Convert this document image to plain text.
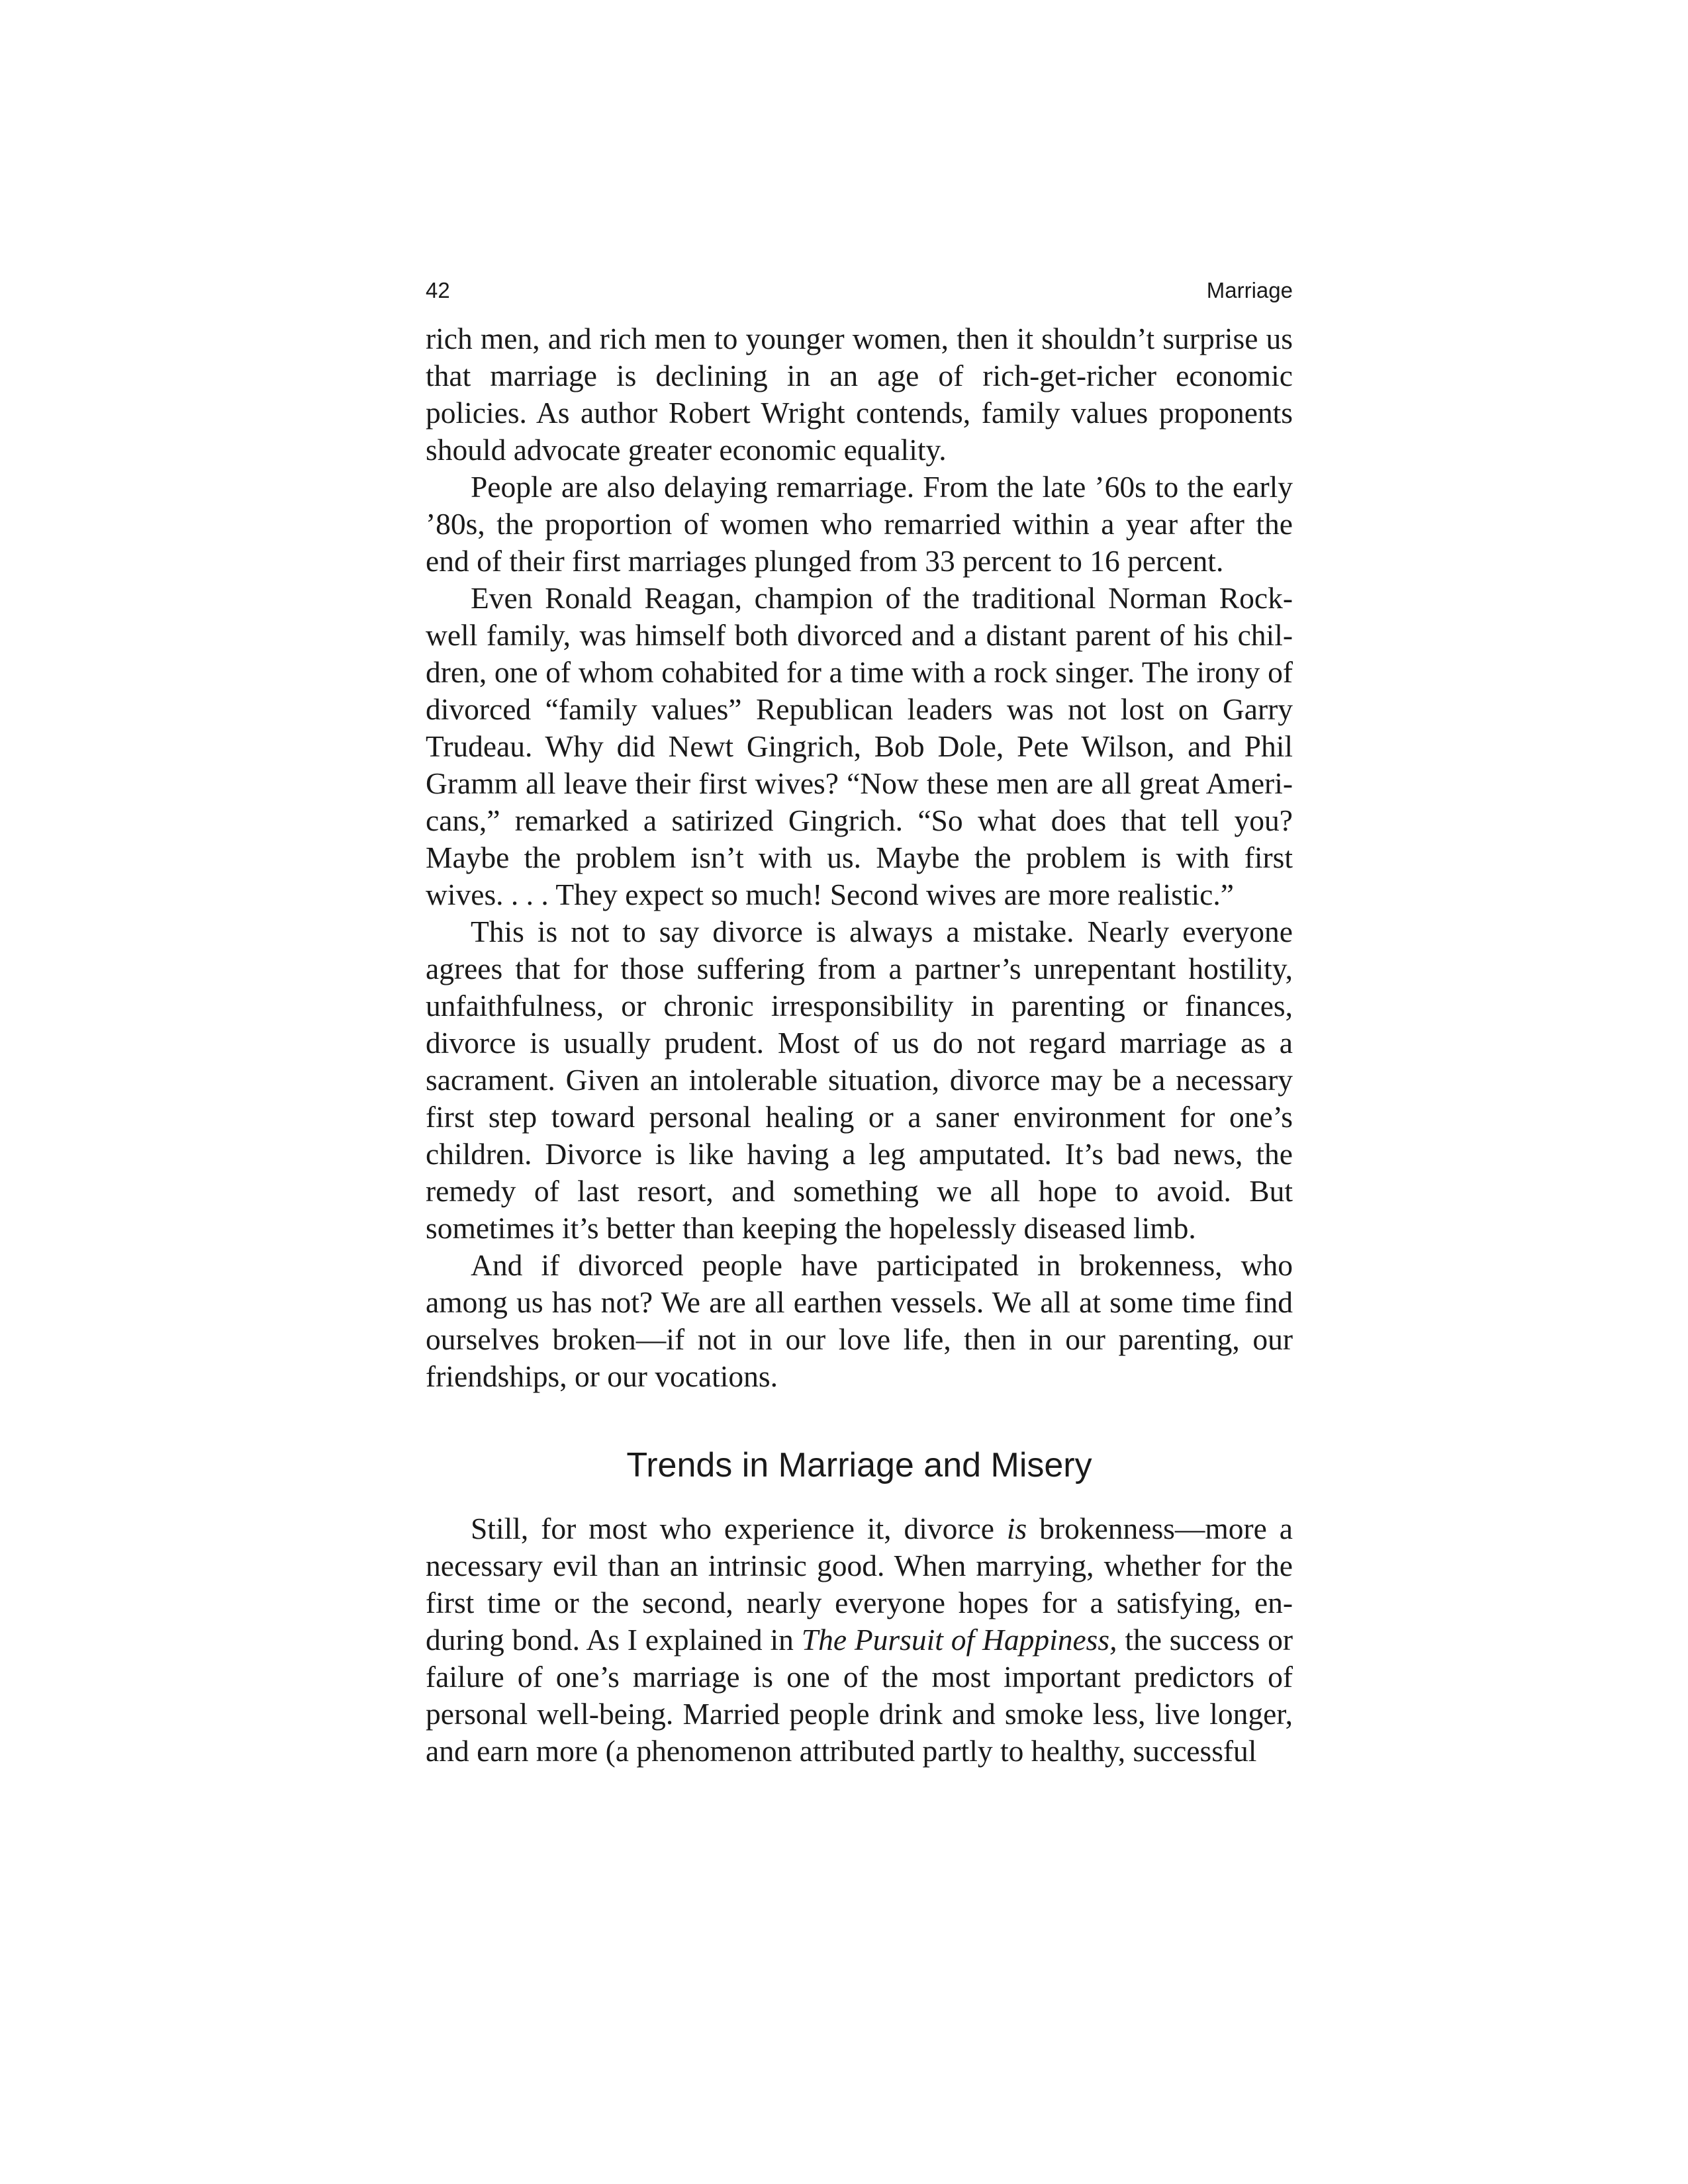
42	Marriage

rich men, and rich men to younger women, then it shouldn’t surprise us that marriage is declining in an age of rich-get-richer economic policies. As author Robert Wright contends, family values proponents should advocate greater economic equality.

People are also delaying remarriage. From the late ’60s to the early ’80s, the proportion of women who remarried within a year after the end of their first marriages plunged from 33 percent to 16 percent.

Even Ronald Reagan, champion of the traditional Norman Rockwell family, was himself both divorced and a distant parent of his children, one of whom cohabited for a time with a rock singer. The irony of divorced “family values” Republican leaders was not lost on Garry Trudeau. Why did Newt Gingrich, Bob Dole, Pete Wilson, and Phil Gramm all leave their first wives? “Now these men are all great Americans,” remarked a satirized Gingrich. “So what does that tell you? Maybe the problem isn’t with us. Maybe the problem is with first wives. . . . They expect so much! Second wives are more realistic.”

This is not to say divorce is always a mistake. Nearly everyone agrees that for those suffering from a partner’s unrepentant hostility, unfaithfulness, or chronic irresponsibility in parenting or finances, divorce is usually prudent. Most of us do not regard marriage as a sacrament. Given an intolerable situation, divorce may be a necessary first step toward personal healing or a saner environment for one’s children. Divorce is like having a leg amputated. It’s bad news, the remedy of last resort, and something we all hope to avoid. But sometimes it’s better than keeping the hopelessly diseased limb.

And if divorced people have participated in brokenness, who among us has not? We are all earthen vessels. We all at some time find ourselves broken—if not in our love life, then in our parenting, our friendships, or our vocations.

Trends in Marriage and Misery

Still, for most who experience it, divorce is brokenness—more a necessary evil than an intrinsic good. When marrying, whether for the first time or the second, nearly everyone hopes for a satisfying, enduring bond. As I explained in The Pursuit of Happiness, the success or failure of one’s marriage is one of the most important predictors of personal well-being. Married people drink and smoke less, live longer, and earn more (a phenomenon attributed partly to healthy, successful
